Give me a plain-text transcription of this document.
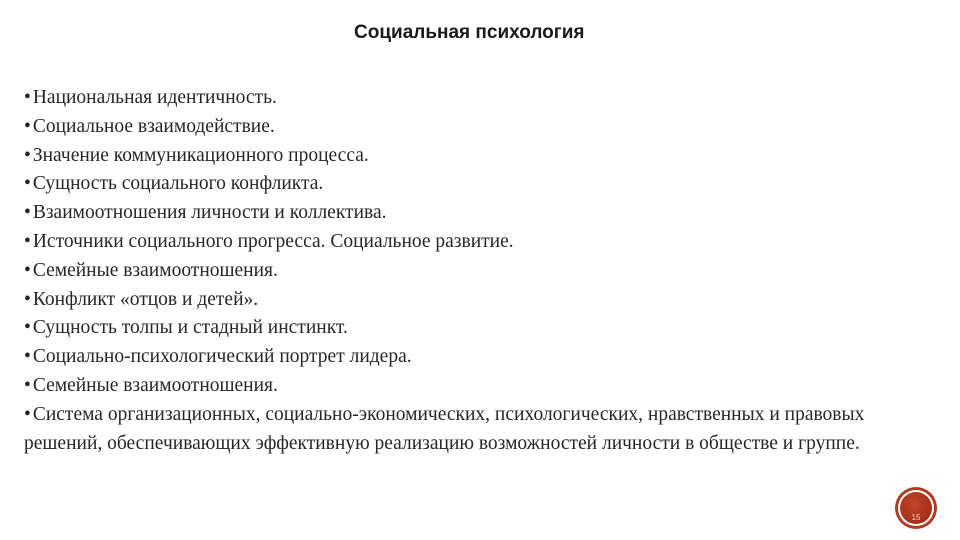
Социальная психология
• Национальная идентичность.
• Социальное взаимодействие.
• Значение коммуникационного процесса.
• Сущность социального конфликта.
• Взаимоотношения личности и коллектива.
• Источники социального прогресса. Социальное развитие.
• Семейные взаимоотношения.
• Конфликт «отцов и детей».
• Сущность толпы и стадный инстинкт.
• Социально-психологический портрет лидера.
• Семейные взаимоотношения.
• Система организационных, социально-экономических, психологических, нравственных и правовых решений, обеспечивающих эффективную реализацию возможностей личности в обществе и группе.
15
